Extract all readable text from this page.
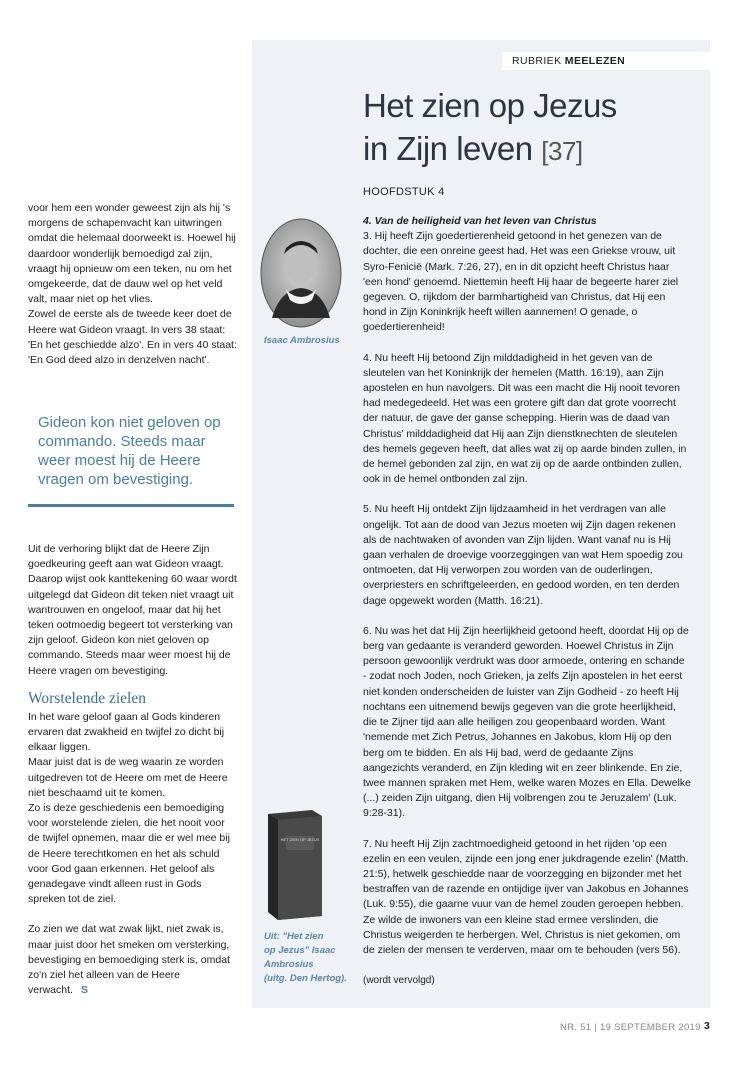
RUBRIEK MEELEZEN
Het zien op Jezus
in Zijn leven [37]
HOOFDSTUK 4
4. Van de heiligheid van het leven van Christus

3. Hij heeft Zijn goedertierenheid getoond in het genezen van de dochter, die een onreine geest had. Het was een Griekse vrouw, uit Syro-Fenicië (Mark. 7:26, 27), en in dit opzicht heeft Christus haar 'een hond' genoemd. Niettemin heeft Hij haar de begeerte harer ziel gegeven. O, rijkdom der barmhartigheid van Christus, dat Hij een hond in Zijn Koninkrijk heeft willen aannemen! O genade, o goedertierenheid!

4. Nu heeft Hij betoond Zijn milddadigheid in het geven van de sleutelen van het Koninkrijk der hemelen (Matth. 16:19), aan Zijn apostelen en hun navolgers. Dit was een macht die Hij nooit tevoren had medegedeeld. Het was een grotere gift dan dat grote voorrecht der natuur, de gave der ganse schepping. Hierin was de daad van Christus' milddadigheid dat Hij aan Zijn dienstknechten de sleutelen des hemels gegeven heeft, dat alles wat zij op aarde binden zullen, in de hemel gebonden zal zijn, en wat zij op de aarde ontbinden zullen, ook in de hemel ontbonden zal zijn.

5. Nu heeft Hij ontdekt Zijn lijdzaamheid in het verdragen van alle ongelijk. Tot aan de dood van Jezus moeten wij Zijn dagen rekenen als de nachtwaken of avonden van Zijn lijden. Want vanaf nu is Hij gaan verhalen de droevige voorzeggingen van wat Hem spoedig zou ontmoeten, dat Hij verworpen zou worden van de ouderlingen, overpriesters en schriftgeleerden, en gedood worden, en ten derden dage opgewekt worden (Matth. 16:21).

6. Nu was het dat Hij Zijn heerlijkheid getoond heeft, doordat Hij op de berg van gedaante is veranderd geworden. Hoewel Christus in Zijn persoon gewoonlijk verdrukt was door armoede, ontering en schande - zodat noch Joden, noch Grieken, ja zelfs Zijn apostelen in het eerst niet konden onderscheiden de luister van Zijn Godheid - zo heeft Hij nochtans een uitnemend bewijs gegeven van die grote heerlijkheid, die te Zijner tijd aan alle heiligen zou geopenbaard worden. Want 'nemende met Zich Petrus, Johannes en Jakobus, klom Hij op den berg om te bidden. En als Hij bad, werd de gedaante Zijns aangezichts veranderd, en Zijn kleding wit en zeer blinkende. En zie, twee mannen spraken met Hem, welke waren Mozes en Ella. Dewelke (...) zeiden Zijn uitgang, dien Hij volbrengen zou te Jeruzalem' (Luk. 9:28-31).

7. Nu heeft Hij Zijn zachtmoedigheid getoond in het rijden 'op een ezelin en een veulen, zijnde een jong ener jukdragende ezelin' (Matth. 21:5), hetwelk geschiedde naar de voorzegging en bijzonder met het bestraffen van de razende en ontijdige ijver van Jakobus en Johannes (Luk. 9:55), die gaarne vuur van de hemel zouden geroepen hebben. Ze wilde de inwoners van een kleine stad ermee verslinden, die Christus weigerden te herbergen. Wel, Christus is niet gekomen, om de zielen der mensen te verderven, maar om te behouden (vers 56).

(wordt vervolgd)

Isaac Ambrosius
HET ZIEN OP JEZUS
Uit: "Het zien
op Jezus" Isaac
Ambrosius
(uitg. Den Hertog).

voor hem een wonder geweest zijn als hij 's morgens de schapenvacht kan uitwringen omdat die helemaal doorweekt is. Hoewel hij daardoor wonderlijk bemoedigd zal zijn, vraagt hij opnieuw om een teken, nu om het omgekeerde, dat de dauw wel op het veld valt, maar niet op het vlies.

Zowel de eerste als de tweede keer doet de Heere wat Gideon vraagt. In vers 38 staat: 'En het geschiedde alzo'. En in vers 40 staat: 'En God deed alzo in denzelven nacht'.

Gideon kon niet geloven op commando. Steeds maar weer moest hij de Heere vragen om bevestiging.

Uit de verhoring blijkt dat de Heere Zijn goedkeuring geeft aan wat Gideon vraagt. Daarop wijst ook kanttekening 60 waar wordt uitgelegd dat Gideon dit teken niet vraagt uit wantrouwen en ongeloof, maar dat hij het teken ootmoedig begeert tot versterking van zijn geloof. Gideon kon niet geloven op commando. Steeds maar weer moest hij de Heere vragen om bevestiging.

Worstelende zielen

In het ware geloof gaan al Gods kinderen ervaren dat zwakheid en twijfel zo dicht bij elkaar liggen.

Maar juist dat is de weg waarin ze worden uitgedreven tot de Heere om met de Heere niet beschaamd uit te komen.

Zo is deze geschiedenis een bemoediging voor worstelende zielen, die het nooit voor de twijfel opnemen, maar die er wel mee bij de Heere terechtkomen en het als schuld voor God gaan erkennen. Het geloof als genadegave vindt alleen rust in Gods spreken tot de ziel.

Zo zien we dat wat zwak lijkt, niet zwak is, maar juist door het smeken om versterking, bevestiging en bemoediging sterk is, omdat zo'n ziel het alleen van de Heere verwacht. S

NR. 51 | 19 SEPTEMBER 2019 3
